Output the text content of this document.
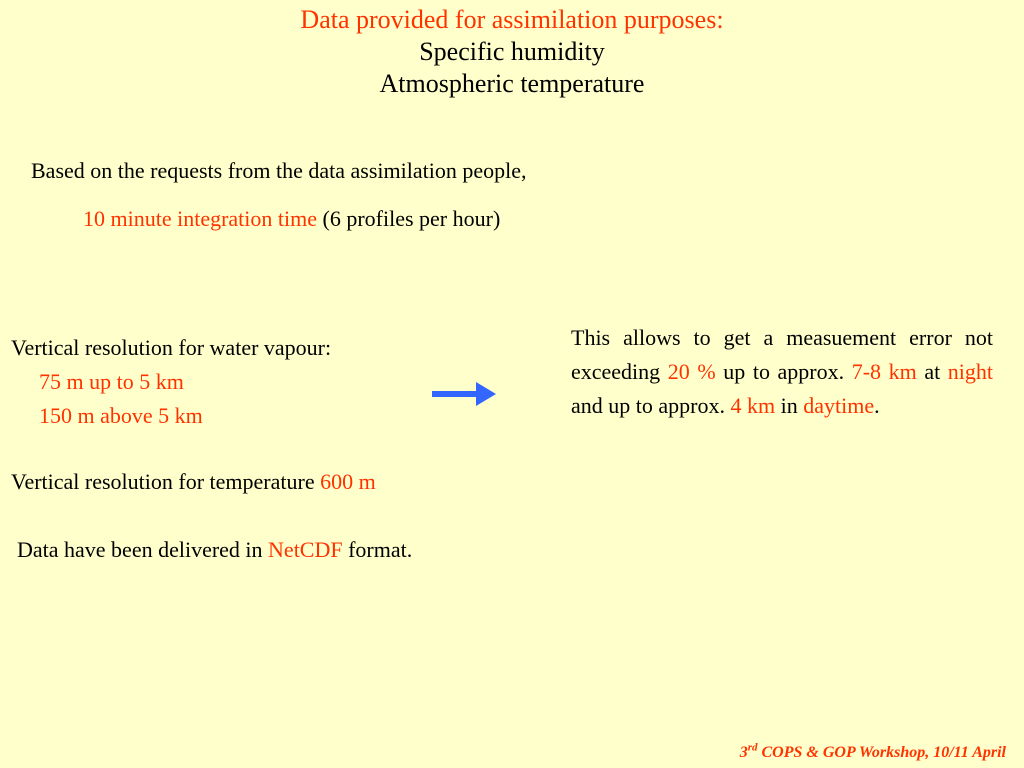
Data provided for assimilation purposes:
Specific humidity
Atmospheric temperature
Based on the requests from the data assimilation people,
10 minute integration time (6 profiles per hour)
Vertical resolution for water vapour:
75 m up to 5 km
150 m above 5 km
This allows to get a measuement error not exceeding 20 % up to approx. 7-8 km at night and up to approx. 4 km in daytime.
Vertical resolution for temperature 600 m
Data have been delivered in NetCDF format.
3rd COPS & GOP Workshop, 10/11 April
